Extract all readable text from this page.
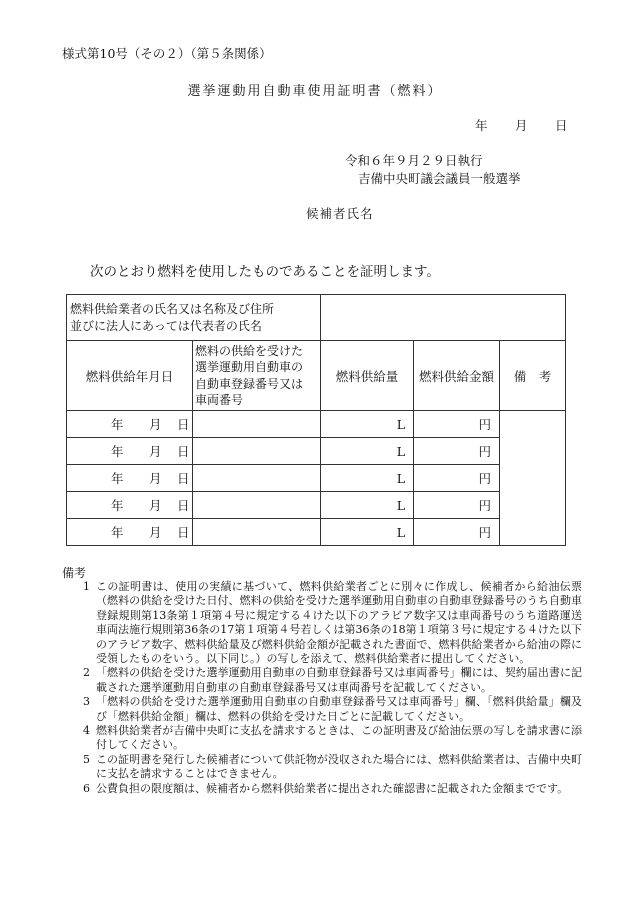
様式第10号（その２）（第５条関係）
選挙運動用自動車使用証明書（燃料）
年 月 日
令和６年９月２９日執行
吉備中央町議会議員一般選挙
候補者氏名
次のとおり燃料を使用したものであることを証明します。
燃料供給業者の氏名又は名称及び住所
並びに法人にあっては代表者の氏名				

燃料供給年月日	燃料の供給を受けた
選挙運動用自動車の
自動車登録番号又は
車両番号	燃料供給量	燃料供給金額	備　考

年 月 日		L	円	

年 月 日		L	円	

年 月 日		L	円	

年 月 日		L	円	

年 月 日		L	円	
備考
1 この証明書は、使用の実績に基づいて、燃料供給業者ごとに別々に作成し、候補者から給油伝票（燃料の供給を受けた日付、燃料の供給を受けた選挙運動用自動車の自動車登録番号のうち自動車登録規則第13条第１項第４号に規定する４けた以下のアラビア数字又は車両番号のうち道路運送車両法施行規則第36条の17第１項第４号若しくは第36条の18第１項第３号に規定する４けた以下のアラビア数字、燃料供給量及び燃料供給金額が記載された書面で、燃料供給業者から給油の際に受領したものをいう。以下同じ。）の写しを添えて、燃料供給業者に提出してください。
2 「燃料の供給を受けた選挙運動用自動車の自動車登録番号又は車両番号」欄には、契約届出書に記載された選挙運動用自動車の自動車登録番号又は車両番号を記載してください。
3 「燃料の供給を受けた選挙運動用自動車の自動車登録番号又は車両番号」欄、「燃料供給量」欄及び「燃料供給金額」欄は、燃料の供給を受けた日ごとに記載してください。
4 燃料供給業者が吉備中央町に支払を請求するときは、この証明書及び給油伝票の写しを請求書に添付してください。
5 この証明書を発行した候補者について供託物が没収された場合には、燃料供給業者は、吉備中央町に支払を請求することはできません。
6 公費負担の限度額は、候補者から燃料供給業者に提出された確認書に記載された金額までです。
